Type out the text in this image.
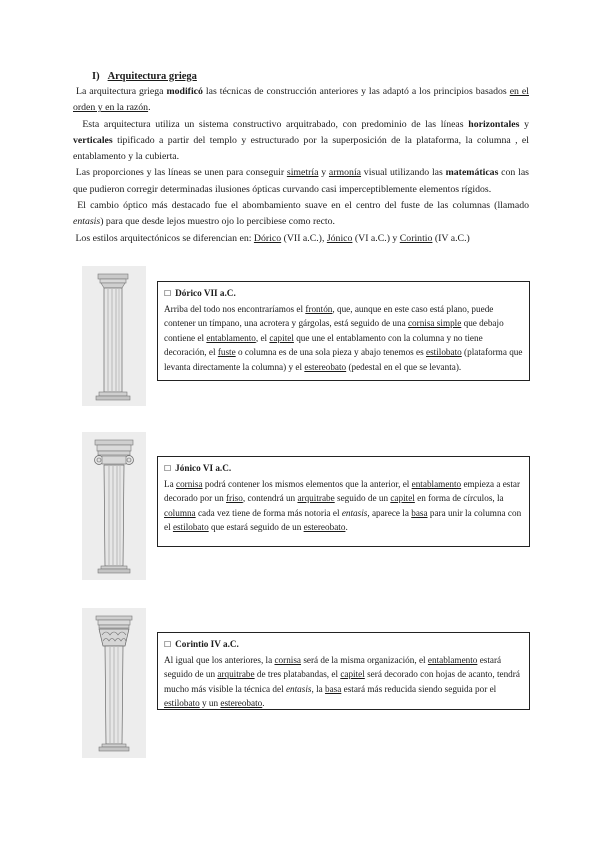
I) Arquitectura griega

La arquitectura griega modificó las técnicas de construcción anteriores y las adaptó a los principios basados en el orden y en la razón.

Esta arquitectura utiliza un sistema constructivo arquitrabado, con predominio de las líneas horizontales y verticales tipificado a partir del templo y estructurado por la superposición de la plataforma, la columna , el entablamento y la cubierta.

Las proporciones y las líneas se unen para conseguir simetría y armonía visual utilizando las matemáticas con las que pudieron corregir determinadas ilusiones ópticas curvando casi imperceptiblemente elementos rígidos.

El cambio óptico más destacado fue el abombamiento suave en el centro del fuste de las columnas (llamado entasis) para que desde lejos muestro ojo lo percibiese como recto.

Los estilos arquitectónicos se diferencian en: Dórico (VII a.C.), Jónico (VI a.C.) y Corintio (IV a.C.)

☐ Dórico VII a.C.

Arriba del todo nos encontraríamos el frontón, que, aunque en este caso está plano, puede contener un tímpano, una acrotera y gárgolas, está seguido de una cornisa simple que debajo contiene el entablamento, el capitel que une el entablamento con la columna y no tiene decoración, el fuste o columna es de una sola pieza y abajo tenemos es estilobato (plataforma que levanta directamente la columna) y el estereobato (pedestal en el que se levanta).

☐ Jónico VI a.C.

La cornisa podrá contener los mismos elementos que la anterior, el entablamento empieza a estar decorado por un friso, contendrá un arquitrabe seguido de un capitel en forma de círculos, la columna cada vez tiene de forma más notoria el entasis, aparece la basa para unir la columna con el estilobato que estará seguido de un estereobato.

☐ Corintio IV a.C.

Al igual que los anteriores, la cornisa será de la misma organización, el entablamento estará seguido de un arquitrabe de tres platabandas, el capitel será decorado con hojas de acanto, tendrá mucho más visible la técnica del entasis, la basa estará más reducida siendo seguida por el estilobato y un estereobato.
